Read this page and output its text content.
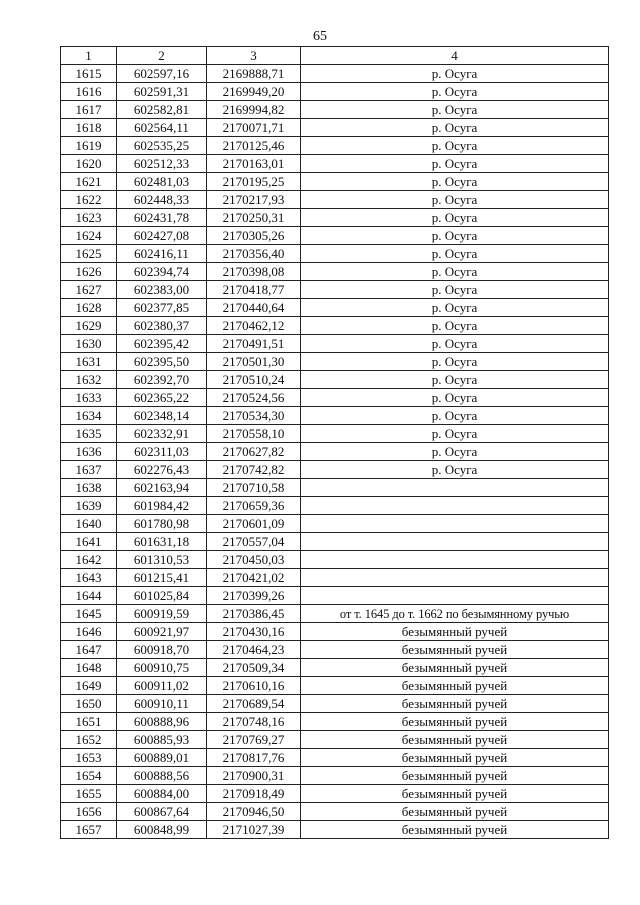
65
1	2	3	4
1615	602597,16	2169888,71	р. Осуга
1616	602591,31	2169949,20	р. Осуга
1617	602582,81	2169994,82	р. Осуга
1618	602564,11	2170071,71	р. Осуга
1619	602535,25	2170125,46	р. Осуга
1620	602512,33	2170163,01	р. Осуга
1621	602481,03	2170195,25	р. Осуга
1622	602448,33	2170217,93	р. Осуга
1623	602431,78	2170250,31	р. Осуга
1624	602427,08	2170305,26	р. Осуга
1625	602416,11	2170356,40	р. Осуга
1626	602394,74	2170398,08	р. Осуга
1627	602383,00	2170418,77	р. Осуга
1628	602377,85	2170440,64	р. Осуга
1629	602380,37	2170462,12	р. Осуга
1630	602395,42	2170491,51	р. Осуга
1631	602395,50	2170501,30	р. Осуга
1632	602392,70	2170510,24	р. Осуга
1633	602365,22	2170524,56	р. Осуга
1634	602348,14	2170534,30	р. Осуга
1635	602332,91	2170558,10	р. Осуга
1636	602311,03	2170627,82	р. Осуга
1637	602276,43	2170742,82	р. Осуга
1638	602163,94	2170710,58	
1639	601984,42	2170659,36	
1640	601780,98	2170601,09	
1641	601631,18	2170557,04	
1642	601310,53	2170450,03	
1643	601215,41	2170421,02	
1644	601025,84	2170399,26	
1645	600919,59	2170386,45	от т. 1645 до т. 1662 по безымянному ручью
1646	600921,97	2170430,16	безымянный ручей
1647	600918,70	2170464,23	безымянный ручей
1648	600910,75	2170509,34	безымянный ручей
1649	600911,02	2170610,16	безымянный ручей
1650	600910,11	2170689,54	безымянный ручей
1651	600888,96	2170748,16	безымянный ручей
1652	600885,93	2170769,27	безымянный ручей
1653	600889,01	2170817,76	безымянный ручей
1654	600888,56	2170900,31	безымянный ручей
1655	600884,00	2170918,49	безымянный ручей
1656	600867,64	2170946,50	безымянный ручей
1657	600848,99	2171027,39	безымянный ручей
